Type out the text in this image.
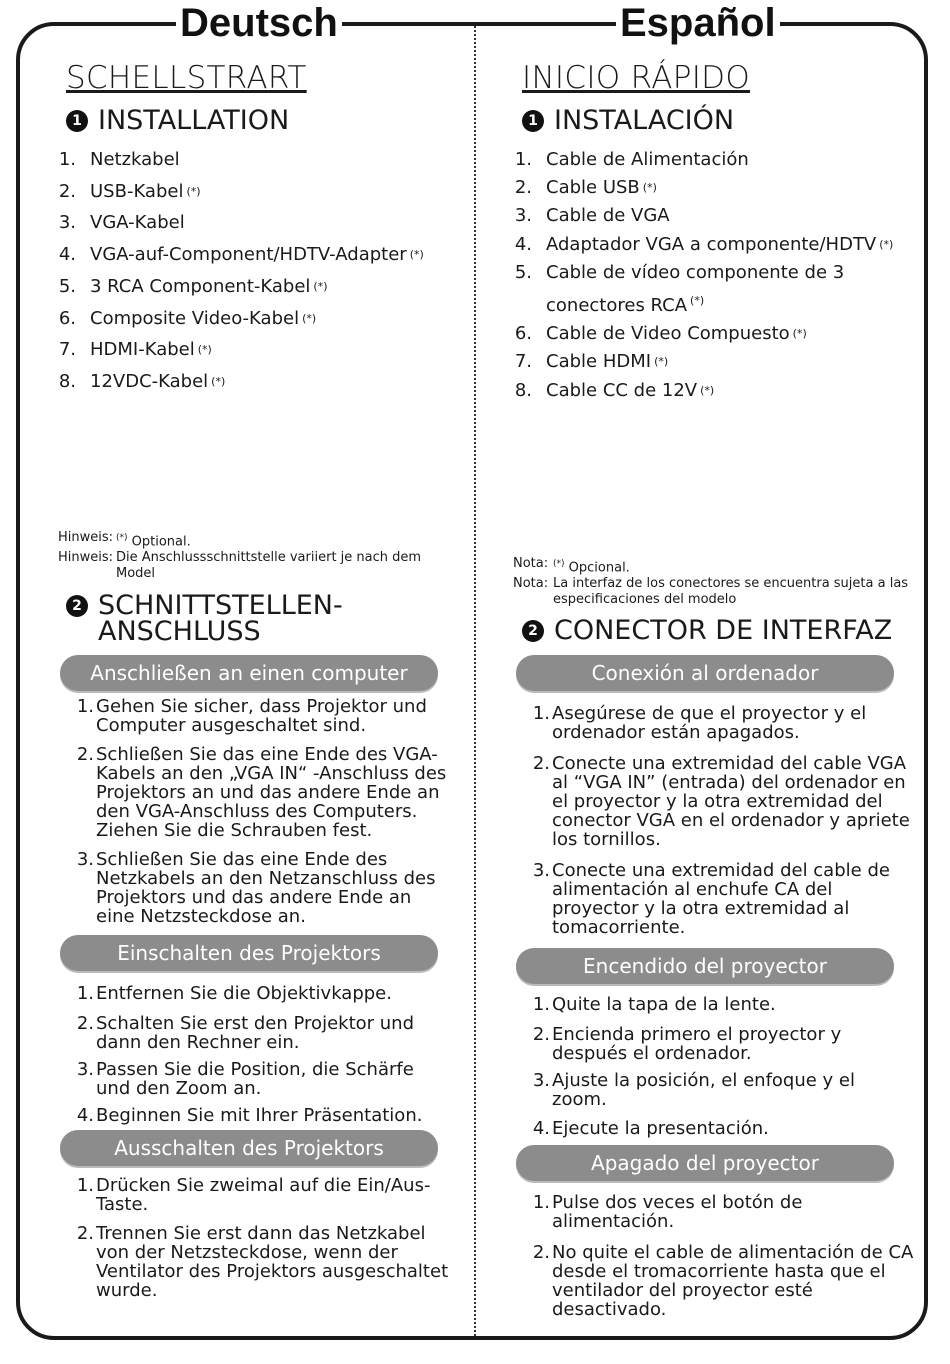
Deutsch	Español
SCHELLSTRART
1 INSTALLATION
1. Netzkabel
2. USB-Kabel (*)
3. VGA-Kabel
4. VGA-auf-Component/HDTV-Adapter (*)
5. 3 RCA Component-Kabel (*)
6. Composite Video-Kabel (*)
7. HDMI-Kabel (*)
8. 12VDC-Kabel (*)
Hinweis: (*) Optional.
Hinweis: Die Anschlussschnittstelle variiert je nach dem Model
2 SCHNITTSTELLEN-
ANSCHLUSS
Anschließen an einen computer
1. Gehen Sie sicher, dass Projektor und Computer ausgeschaltet sind.
2. Schließen Sie das eine Ende des VGA-Kabels an den „VGA IN“ -Anschluss des Projektors an und das andere Ende an den VGA-Anschluss des Computers. Ziehen Sie die Schrauben fest.
3. Schließen Sie das eine Ende des Netzkabels an den Netzanschluss des Projektors und das andere Ende an eine Netzsteckdose an.
Einschalten des Projektors
1. Entfernen Sie die Objektivkappe.
2. Schalten Sie erst den Projektor und dann den Rechner ein.
3. Passen Sie die Position, die Schärfe und den Zoom an.
4. Beginnen Sie mit Ihrer Präsentation.
Ausschalten des Projektors
1. Drücken Sie zweimal auf die Ein/Aus-Taste.
2. Trennen Sie erst dann das Netzkabel von der Netzsteckdose, wenn der Ventilator des Projektors ausgeschaltet wurde.
INICIO RÁPIDO
1 INSTALACIÓN
1. Cable de Alimentación
2. Cable USB (*)
3. Cable de VGA
4. Adaptador VGA a componente/HDTV (*)
5. Cable de vídeo componente de 3 conectores RCA (*)
6. Cable de Video Compuesto (*)
7. Cable HDMI (*)
8. Cable CC de 12V (*)
Nota: (*) Opcional.
Nota: La interfaz de los conectores se encuentra sujeta a las especificaciones del modelo
2 CONECTOR DE INTERFAZ
Conexión al ordenador
1. Asegúrese de que el proyector y el ordenador están apagados.
2. Conecte una extremidad del cable VGA al “VGA IN” (entrada) del ordenador en el proyector y la otra extremidad del conector VGA en el ordenador y apriete los tornillos.
3. Conecte una extremidad del cable de alimentación al enchufe CA del proyector y la otra extremidad al tomacorriente.
Encendido del proyector
1. Quite la tapa de la lente.
2. Encienda primero el proyector y después el ordenador.
3. Ajuste la posición, el enfoque y el zoom.
4. Ejecute la presentación.
Apagado del proyector
1. Pulse dos veces el botón de alimentación.
2. No quite el cable de alimentación de CA desde el tromacorriente hasta que el ventilador del proyector esté desactivado.
